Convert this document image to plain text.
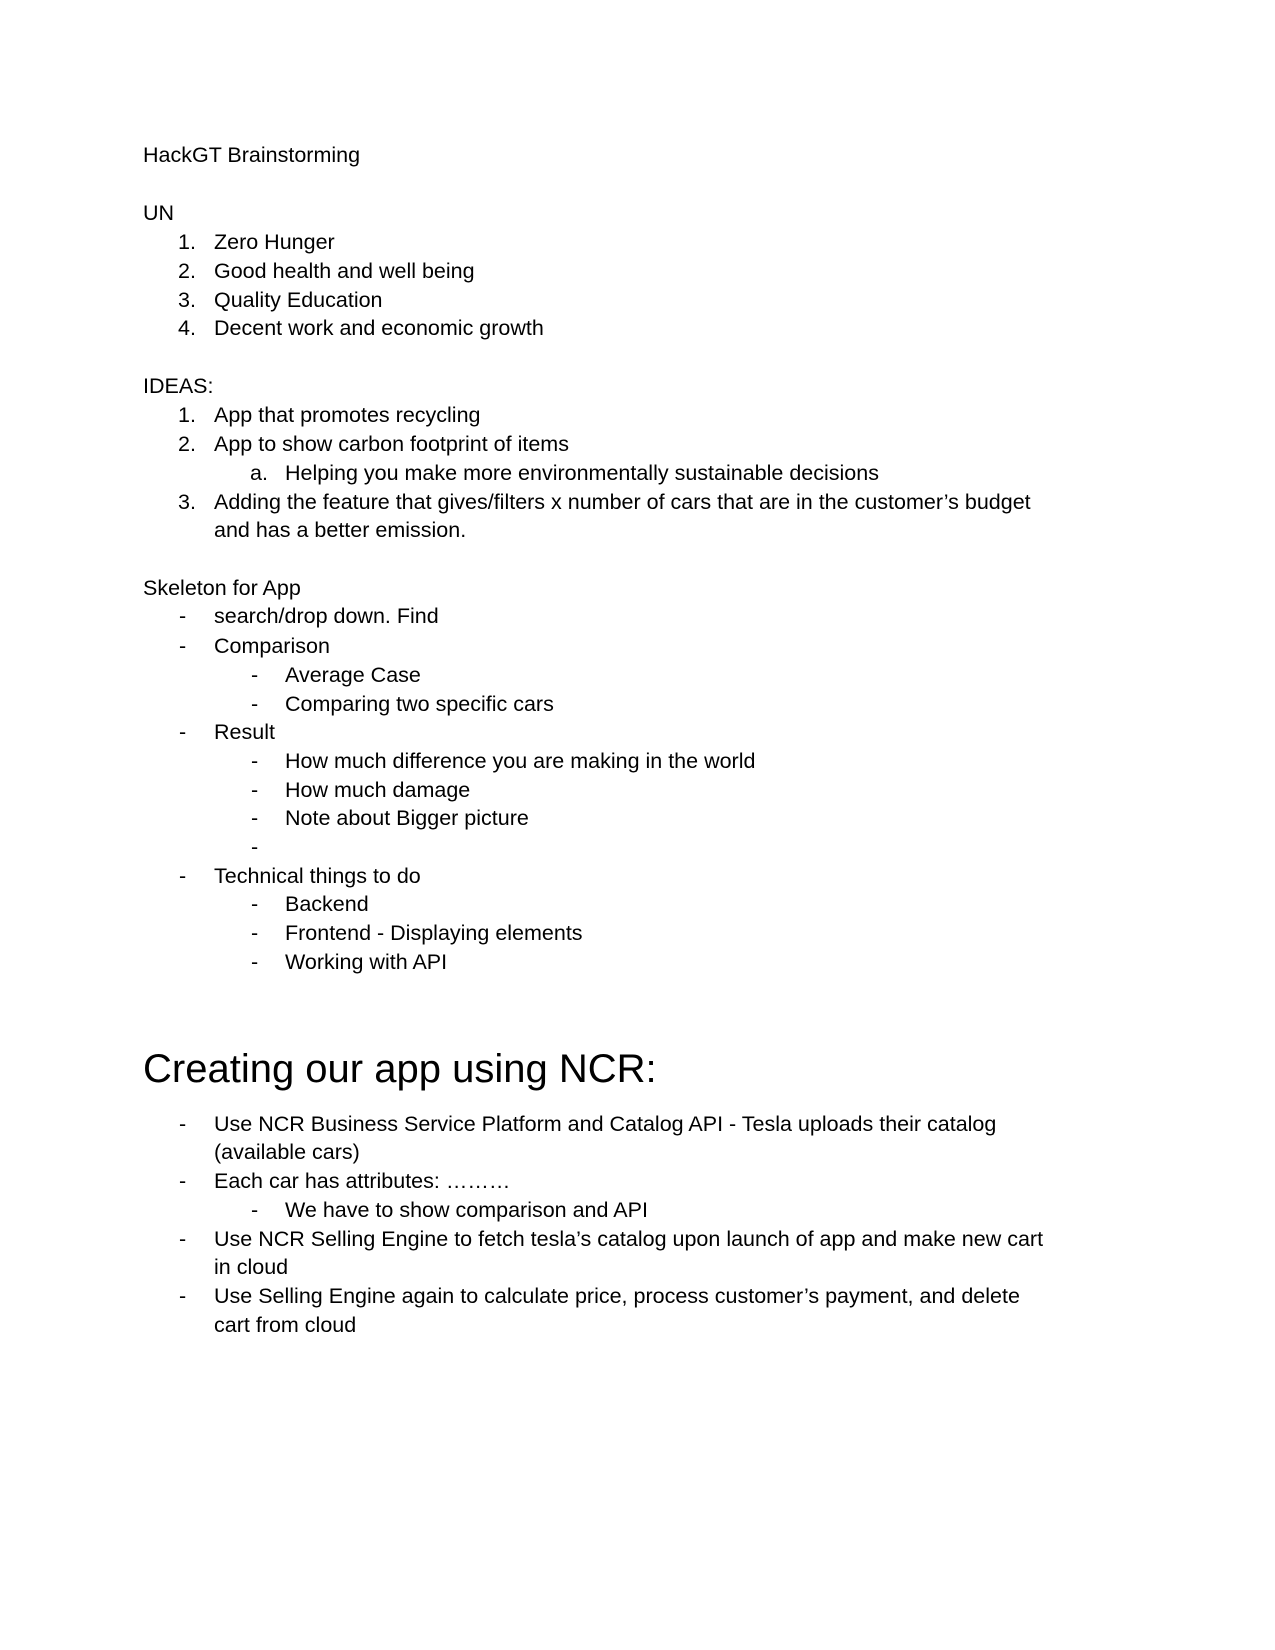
HackGT Brainstorming
UN
1. Zero Hunger
2. Good health and well being
3. Quality Education
4. Decent work and economic growth
IDEAS:
1. App that promotes recycling
2. App to show carbon footprint of items
a. Helping you make more environmentally sustainable decisions
3. Adding the feature that gives/filters x number of cars that are in the customer’s budget
and has a better emission.
Skeleton for App
- search/drop down. Find
- Comparison
- Average Case
- Comparing two specific cars
- Result
- How much difference you are making in the world
- How much damage
- Note about Bigger picture
-
- Technical things to do
- Backend
- Frontend - Displaying elements
- Working with API
Creating our app using NCR:
- Use NCR Business Service Platform and Catalog API - Tesla uploads their catalog
(available cars)
- Each car has attributes: ………
- We have to show comparison and API
- Use NCR Selling Engine to fetch tesla’s catalog upon launch of app and make new cart
in cloud
- Use Selling Engine again to calculate price, process customer’s payment, and delete
cart from cloud
